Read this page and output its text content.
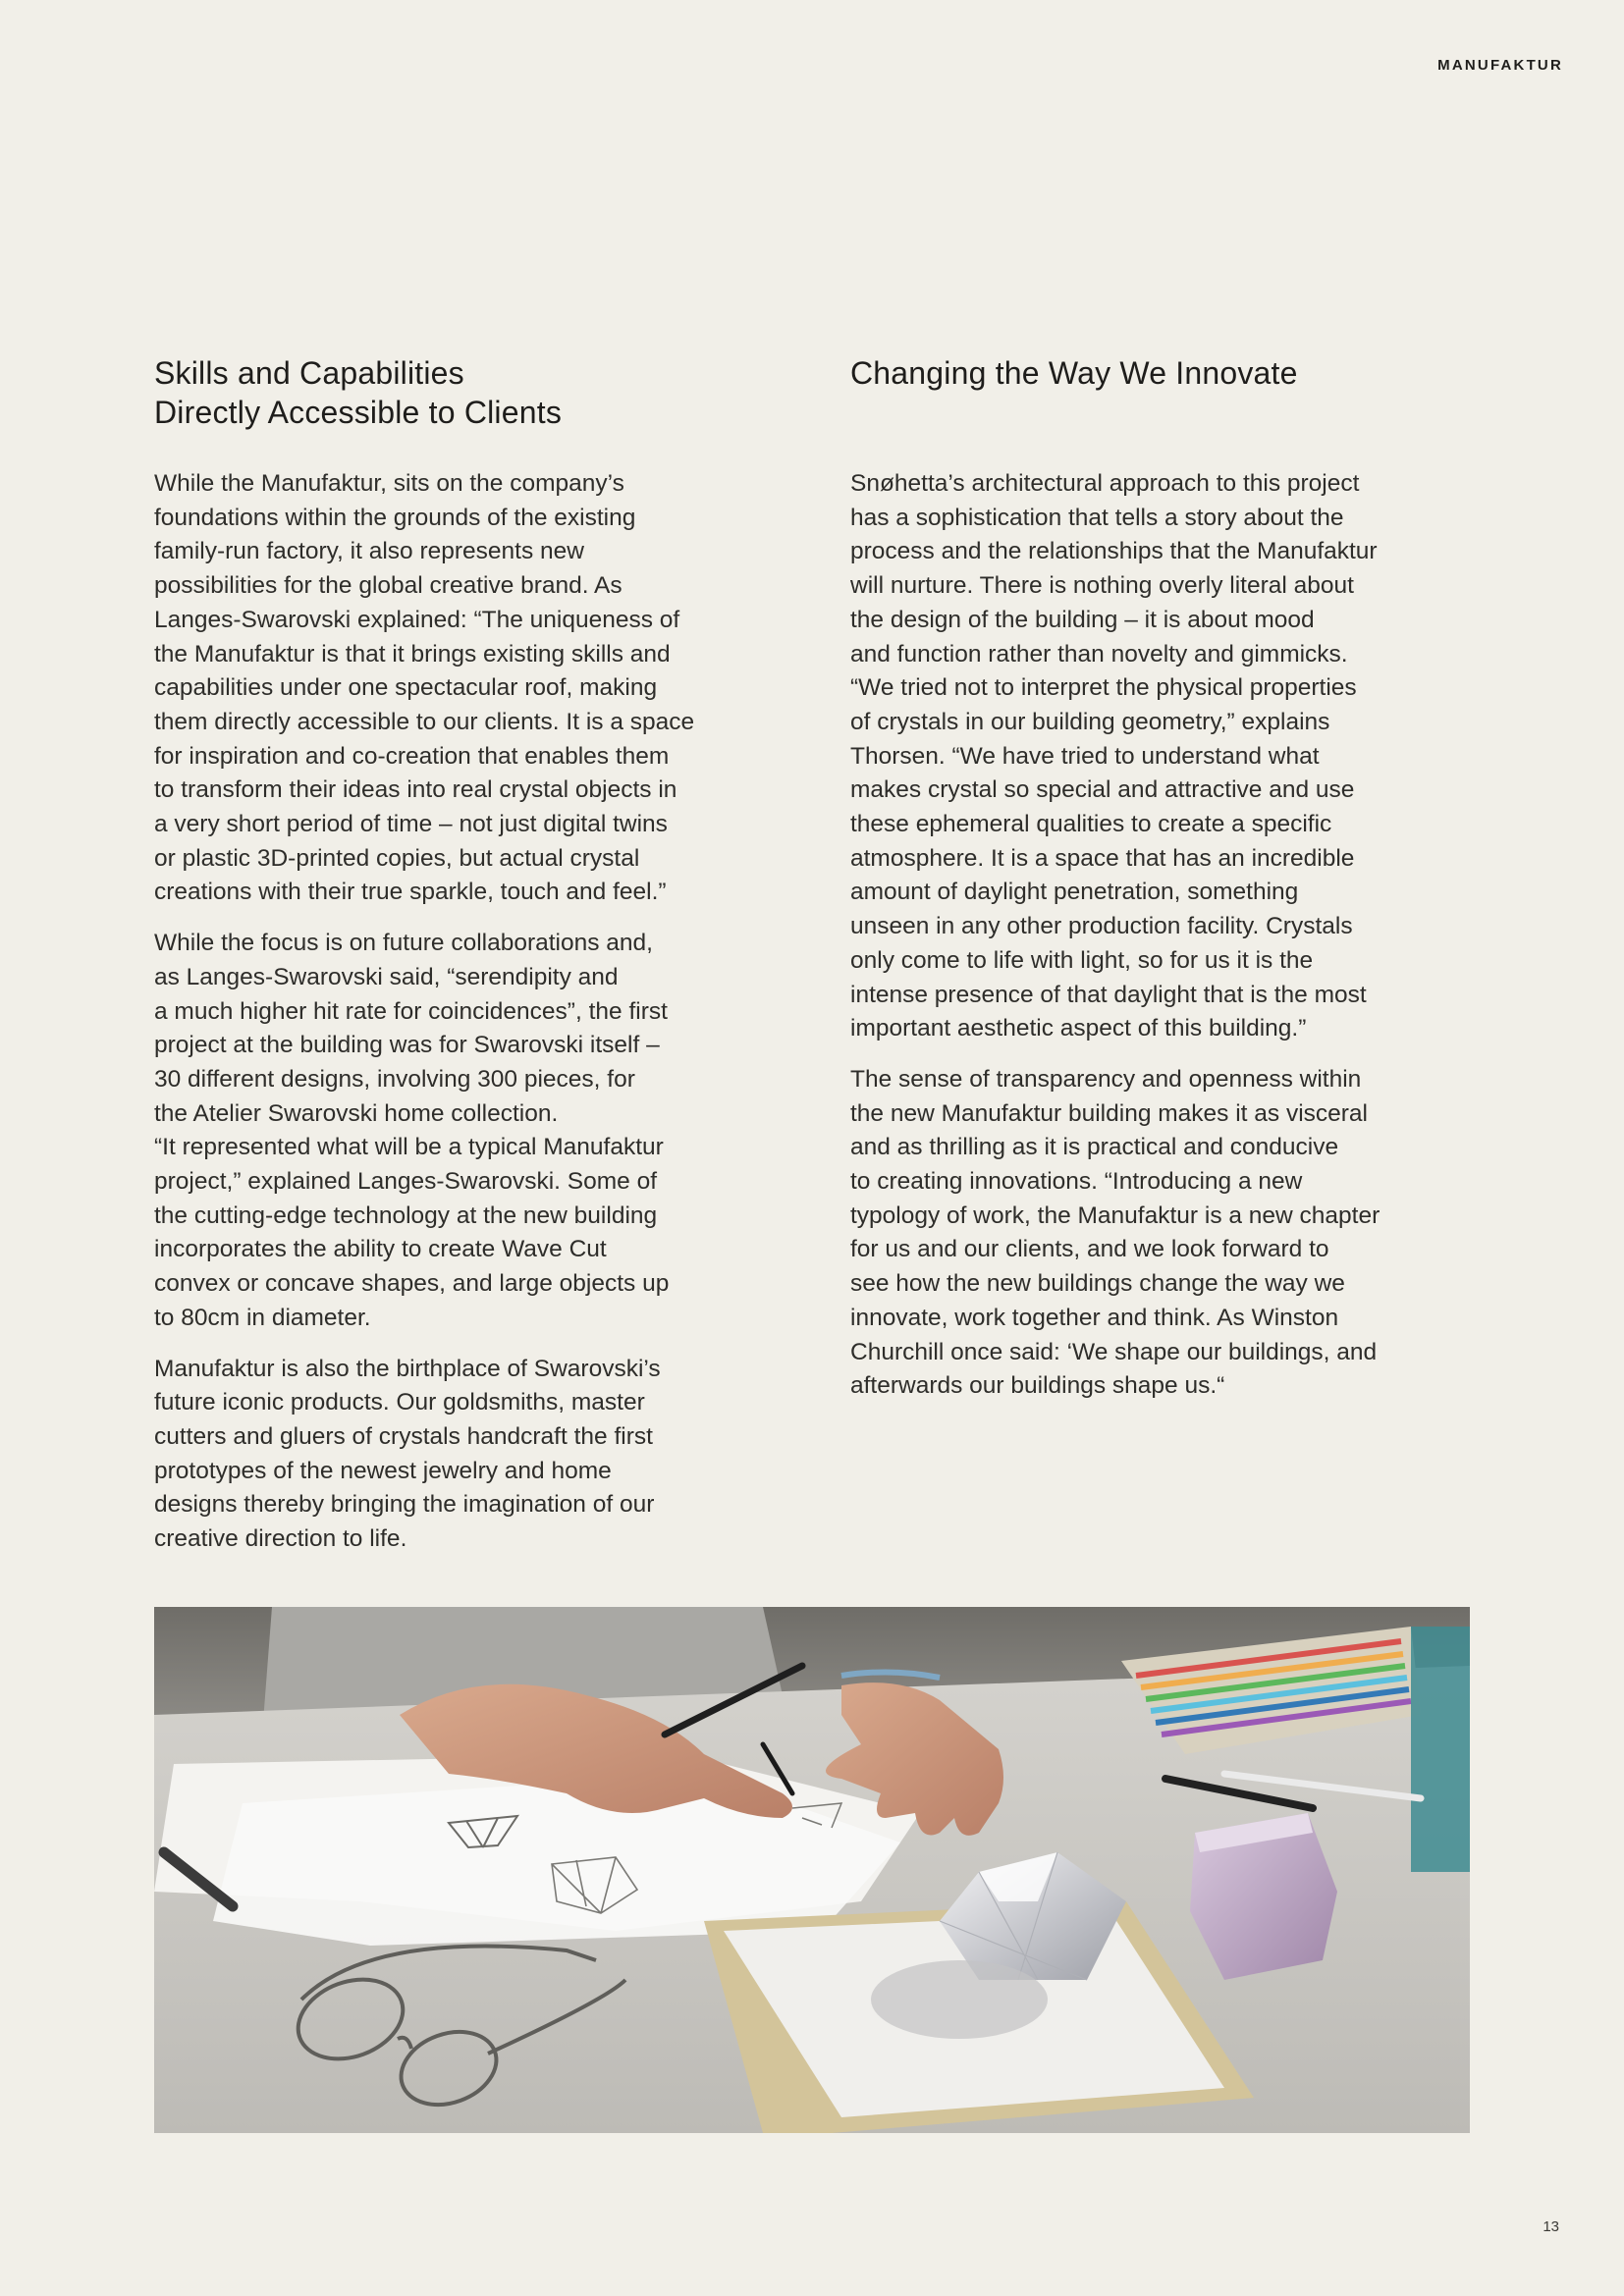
MANUFAKTUR
Skills and Capabilities
Directly Accessible to Clients

While the Manufaktur, sits on the company’s
foundations within the grounds of the existing
family-run factory, it also represents new
possibilities for the global creative brand. As
Langes-Swarovski explained: “The uniqueness of
the Manufaktur is that it brings existing skills and
capabilities under one spectacular roof, making
them directly accessible to our clients. It is a space
for inspiration and co-creation that enables them
to transform their ideas into real crystal objects in
a very short period of time – not just digital twins
or plastic 3D-printed copies, but actual crystal
creations with their true sparkle, touch and feel.”

While the focus is on future collaborations and,
as Langes-Swarovski said, “serendipity and
a much higher hit rate for coincidences”, the first
project at the building was for Swarovski itself –
30 different designs, involving 300 pieces, for
the Atelier Swarovski home collection.
“It represented what will be a typical Manufaktur
project,” explained Langes-Swarovski. Some of
the cutting-edge technology at the new building
incorporates the ability to create Wave Cut
convex or concave shapes, and large objects up
to 80cm in diameter.

Manufaktur is also the birthplace of Swarovski’s
future iconic products. Our goldsmiths, master
cutters and gluers of crystals handcraft the first
prototypes of the newest jewelry and home
designs thereby bringing the imagination of our
creative direction to life.

Changing the Way We Innovate

Snøhetta’s architectural approach to this project
has a sophistication that tells a story about the
process and the relationships that the Manufaktur
will nurture. There is nothing overly literal about
the design of the building – it is about mood
and function rather than novelty and gimmicks.
“We tried not to interpret the physical properties
of crystals in our building geometry,” explains
Thorsen. “We have tried to understand what
makes crystal so special and attractive and use
these ephemeral qualities to create a specific
atmosphere. It is a space that has an incredible
amount of daylight penetration, something
unseen in any other production facility. Crystals
only come to life with light, so for us it is the
intense presence of that daylight that is the most
important aesthetic aspect of this building.”

The sense of transparency and openness within
the new Manufaktur building makes it as visceral
and as thrilling as it is practical and conducive
to creating innovations. “Introducing a new
typology of work, the Manufaktur is a new chapter
for us and our clients, and we look forward to
see how the new buildings change the way we
innovate, work together and think. As Winston
Churchill once said: ‘We shape our buildings, and
afterwards our buildings shape us.“

13
